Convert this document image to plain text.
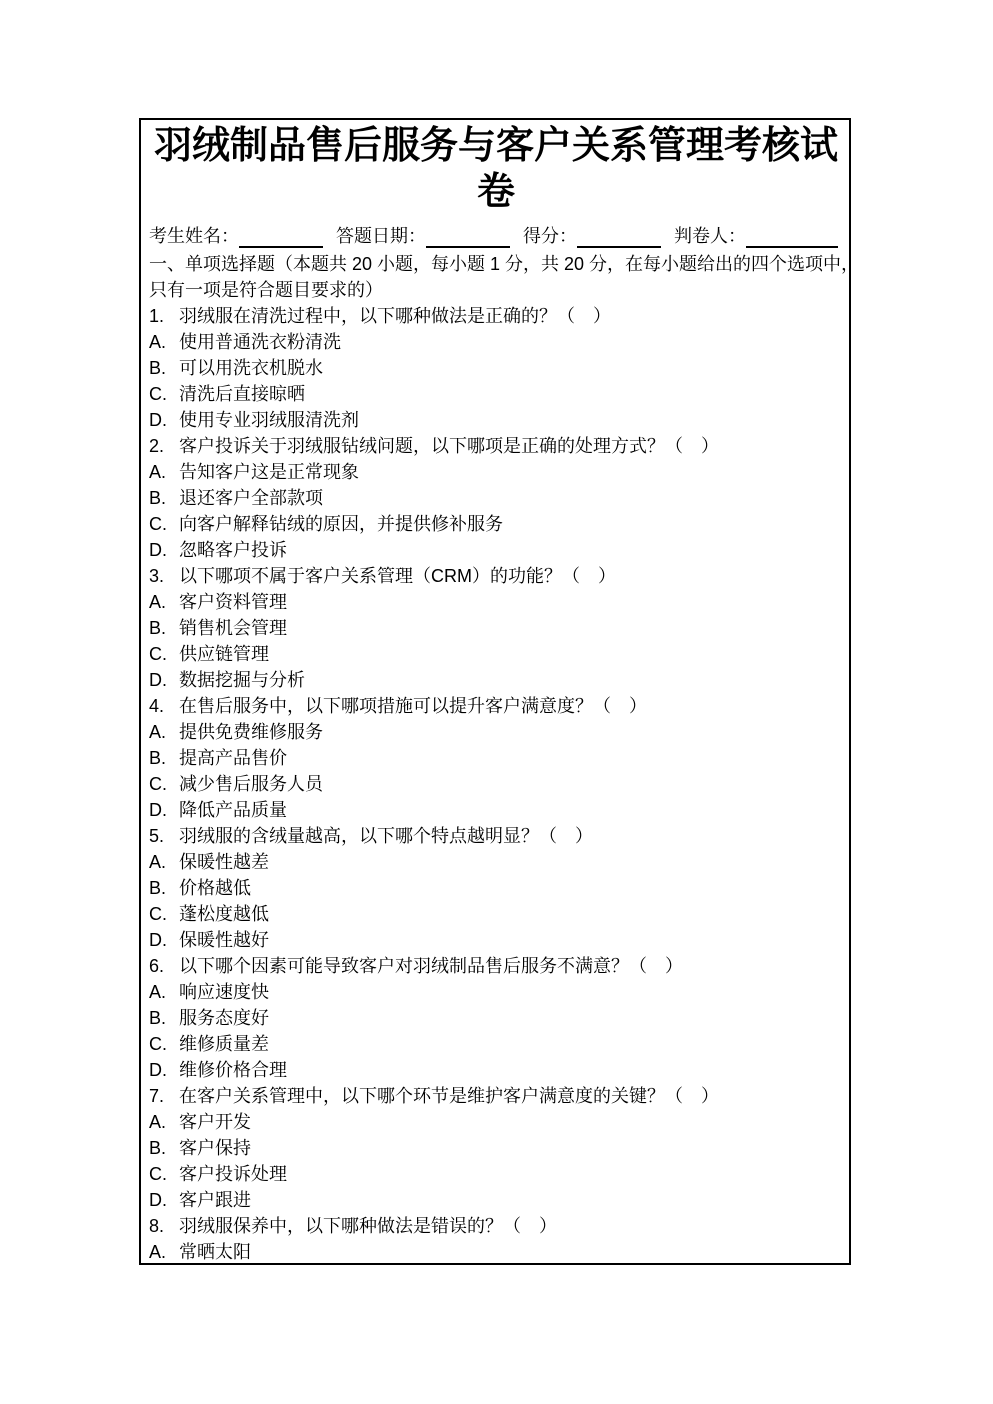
羽绒制品售后服务与客户关系管理考核试卷
考生姓名：	答题日期：	得分：	判卷人：

一、单项选择题（本题共 20 小题，每小题 1 分，共 20 分，在每小题给出的四个选项中，

只有一项是符合题目要求的）

1. 羽绒服在清洗过程中，以下哪种做法是正确的？（　）

A. 使用普通洗衣粉清洗

B. 可以用洗衣机脱水

C. 清洗后直接晾晒

D. 使用专业羽绒服清洗剂

2. 客户投诉关于羽绒服钻绒问题，以下哪项是正确的处理方式？（　）

A. 告知客户这是正常现象

B. 退还客户全部款项

C. 向客户解释钻绒的原因，并提供修补服务

D. 忽略客户投诉

3. 以下哪项不属于客户关系管理（CRM）的功能？（　）

A. 客户资料管理

B. 销售机会管理

C. 供应链管理

D. 数据挖掘与分析

4. 在售后服务中，以下哪项措施可以提升客户满意度？（　）

A. 提供免费维修服务

B. 提高产品售价

C. 减少售后服务人员

D. 降低产品质量

5. 羽绒服的含绒量越高，以下哪个特点越明显？（　）

A. 保暖性越差

B. 价格越低

C. 蓬松度越低

D. 保暖性越好

6. 以下哪个因素可能导致客户对羽绒制品售后服务不满意？（　）

A. 响应速度快

B. 服务态度好

C. 维修质量差

D. 维修价格合理

7. 在客户关系管理中，以下哪个环节是维护客户满意度的关键？（　）

A. 客户开发

B. 客户保持

C. 客户投诉处理

D. 客户跟进

8. 羽绒服保养中，以下哪种做法是错误的？（　）

A. 常晒太阳
